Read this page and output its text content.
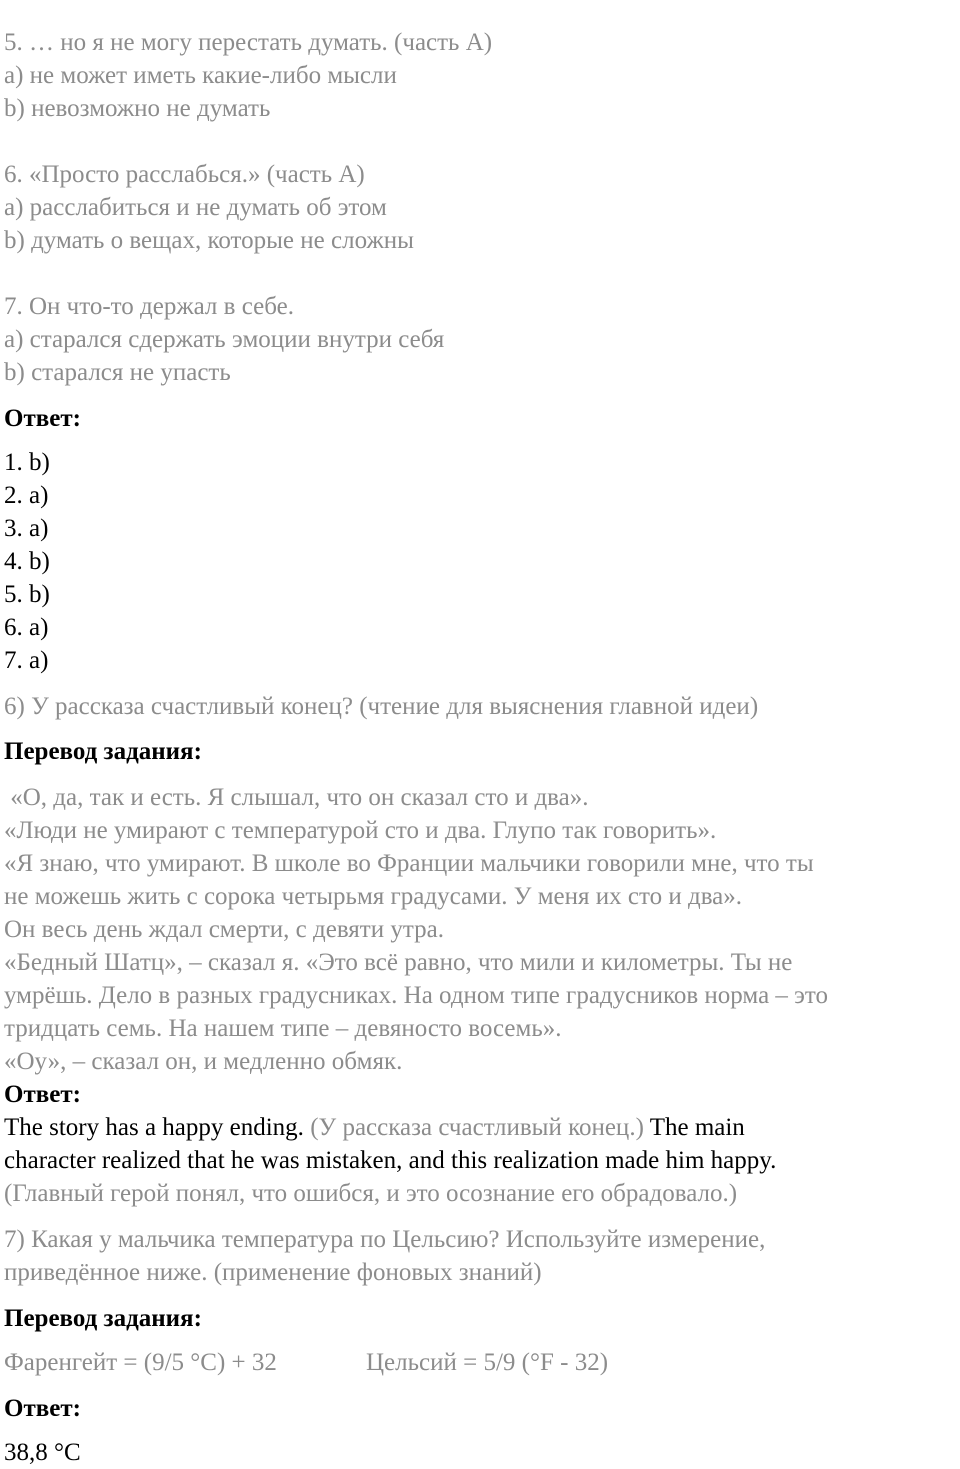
5. … но я не могу перестать думать. (часть A)
a) не может иметь какие-либо мысли
b) невозможно не думать
6. «Просто расслабься.» (часть A)
a) расслабиться и не думать об этом
b) думать о вещах, которые не сложны
7. Он что-то держал в себе.
a) старался сдержать эмоции внутри себя
b) старался не упасть
Ответ:
1. b)
2. a)
3. a)
4. b)
5. b)
6. a)
7. a)
6) У рассказа счастливый конец? (чтение для выяснения главной идеи)
Перевод задания:
«О, да, так и есть. Я слышал, что он сказал сто и два».
«Люди не умирают с температурой сто и два. Глупо так говорить».
«Я знаю, что умирают. В школе во Франции мальчики говорили мне, что ты
не можешь жить с сорока четырьмя градусами. У меня их сто и два».
Он весь день ждал смерти, с девяти утра.
«Бедный Шатц», – сказал я. «Это всё равно, что мили и километры. Ты не
умрёшь. Дело в разных градусниках. На одном типе градусников норма – это
тридцать семь. На нашем типе – девяносто восемь».
«Оу», – сказал он, и медленно обмяк.
Ответ:
The story has a happy ending. (У рассказа счастливый конец.) The main
character realized that he was mistaken, and this realization made him happy.
(Главный герой понял, что ошибся, и это осознание его обрадовало.)
7) Какая у мальчика температура по Цельсию? Используйте измерение,
приведённое ниже. (применение фоновых знаний)
Перевод задания:
Фаренгейт = (9/5 °C) + 32	Цельсий = 5/9 (°F - 32)
Ответ:
38,8 °C
